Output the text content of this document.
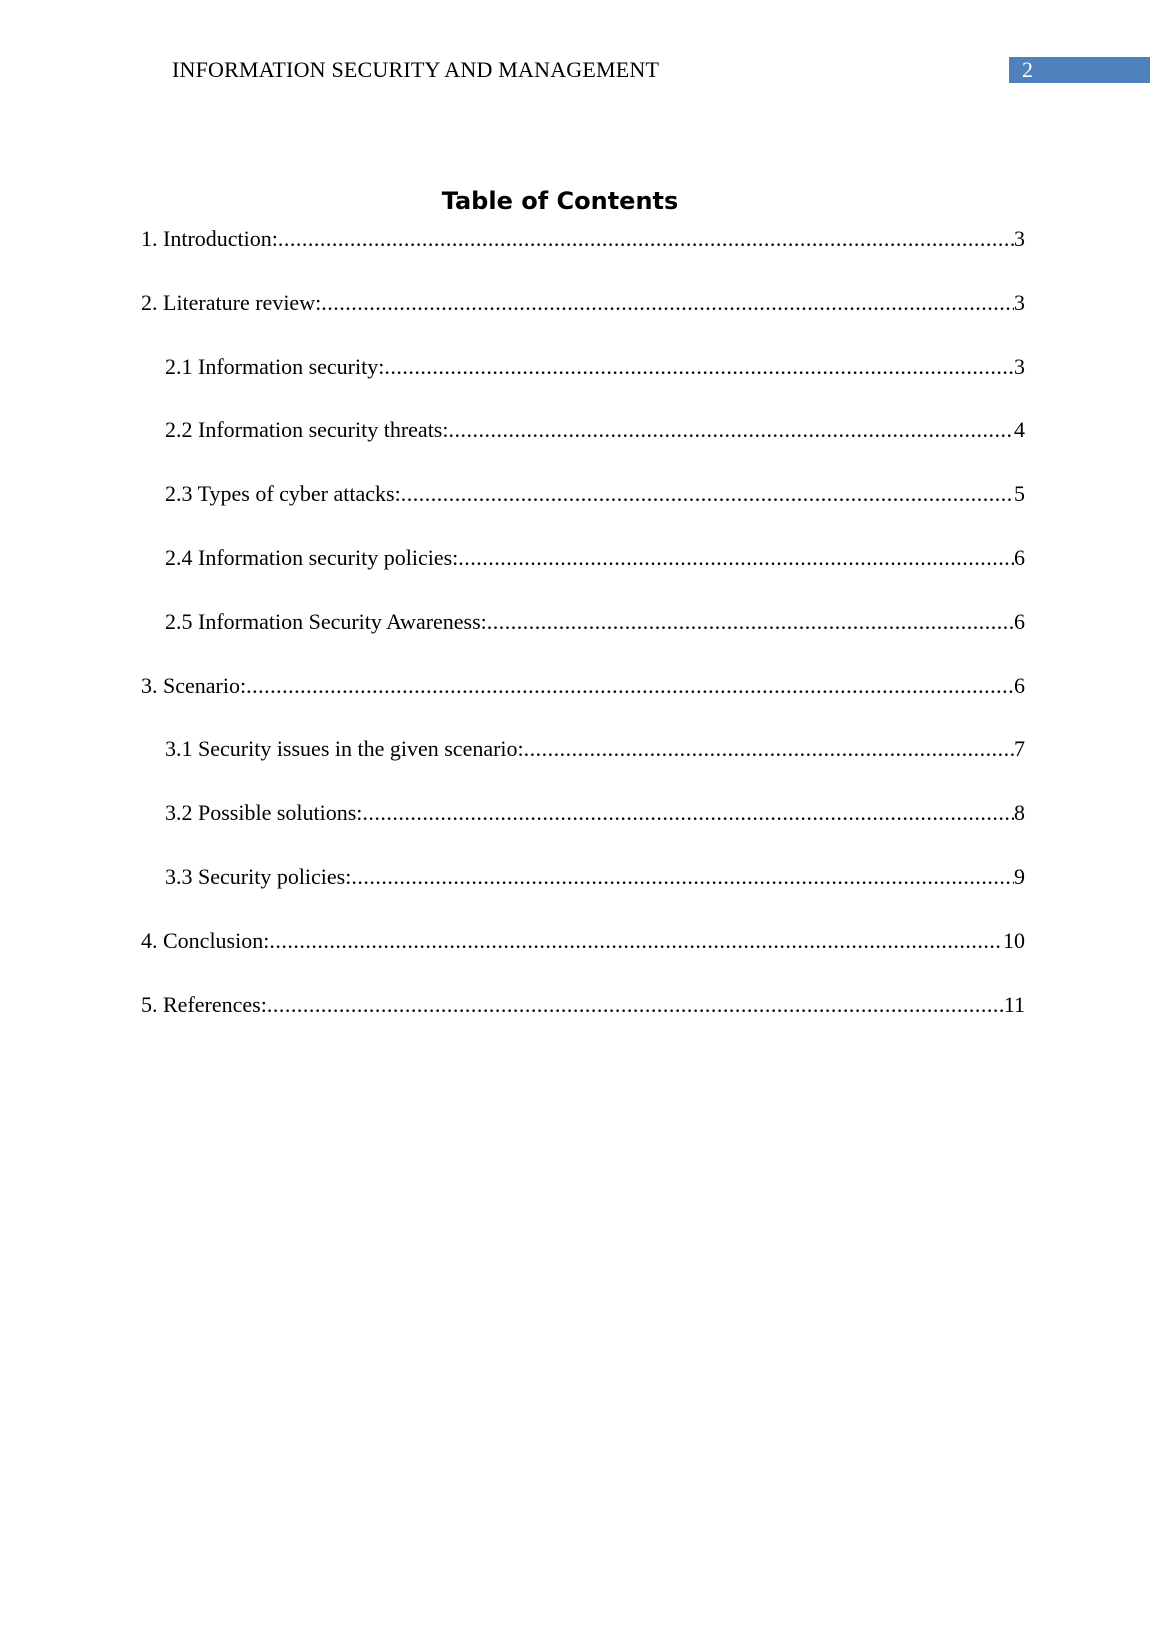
INFORMATION SECURITY AND MANAGEMENT	2
Table of Contents
1. Introduction: .....	3
2. Literature review: .....	3
2.1 Information security: .....	3
2.2 Information security threats: .....	4
2.3 Types of cyber attacks: .....	5
2.4 Information security policies: .....	6
2.5 Information Security Awareness: .....	6
3. Scenario: .....	6
3.1 Security issues in the given scenario: .....	7
3.2 Possible solutions: .....	8
3.3 Security policies: .....	9
4. Conclusion: .....	10
5. References: .....	11
